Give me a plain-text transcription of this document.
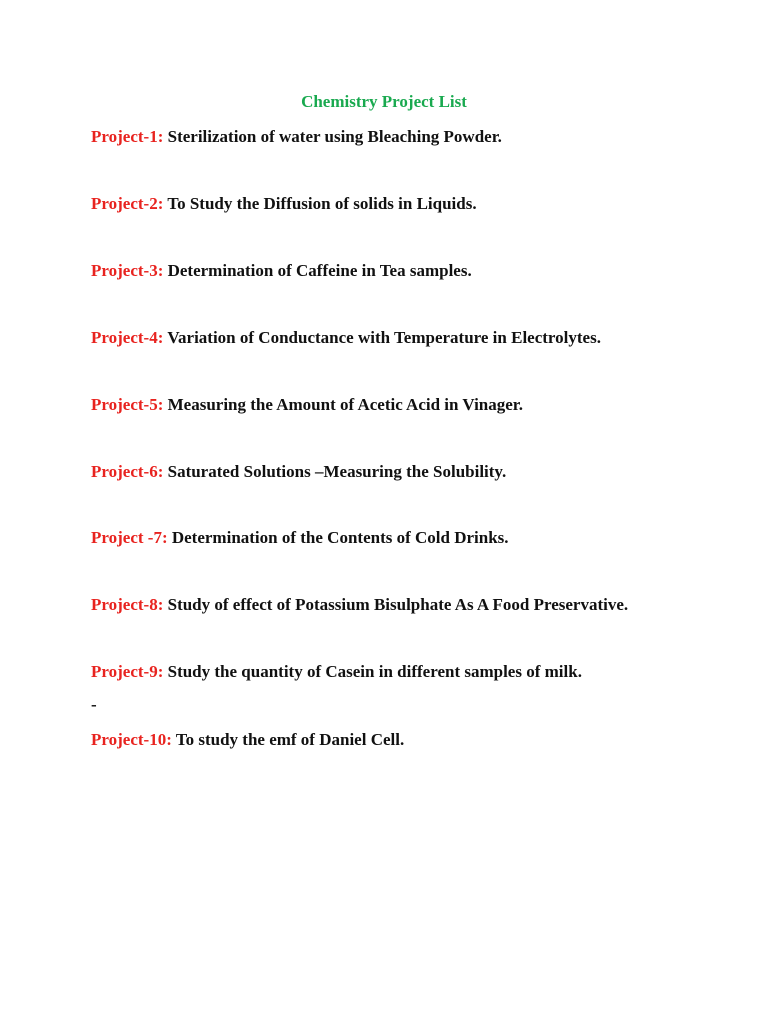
Chemistry Project List

Project-1: Sterilization of water using Bleaching Powder.

Project-2: To Study the Diffusion of solids in Liquids.

Project-3: Determination of Caffeine in Tea samples.

Project-4: Variation of Conductance with Temperature in Electrolytes.

Project-5: Measuring the Amount of Acetic Acid in Vinager.

Project-6: Saturated Solutions –Measuring the Solubility.

Project -7: Determination of the Contents of Cold Drinks.

Project-8: Study of effect of Potassium Bisulphate As A Food Preservative.

Project-9: Study the quantity of Casein in different samples of milk.

-

Project-10: To study the emf of Daniel Cell.
